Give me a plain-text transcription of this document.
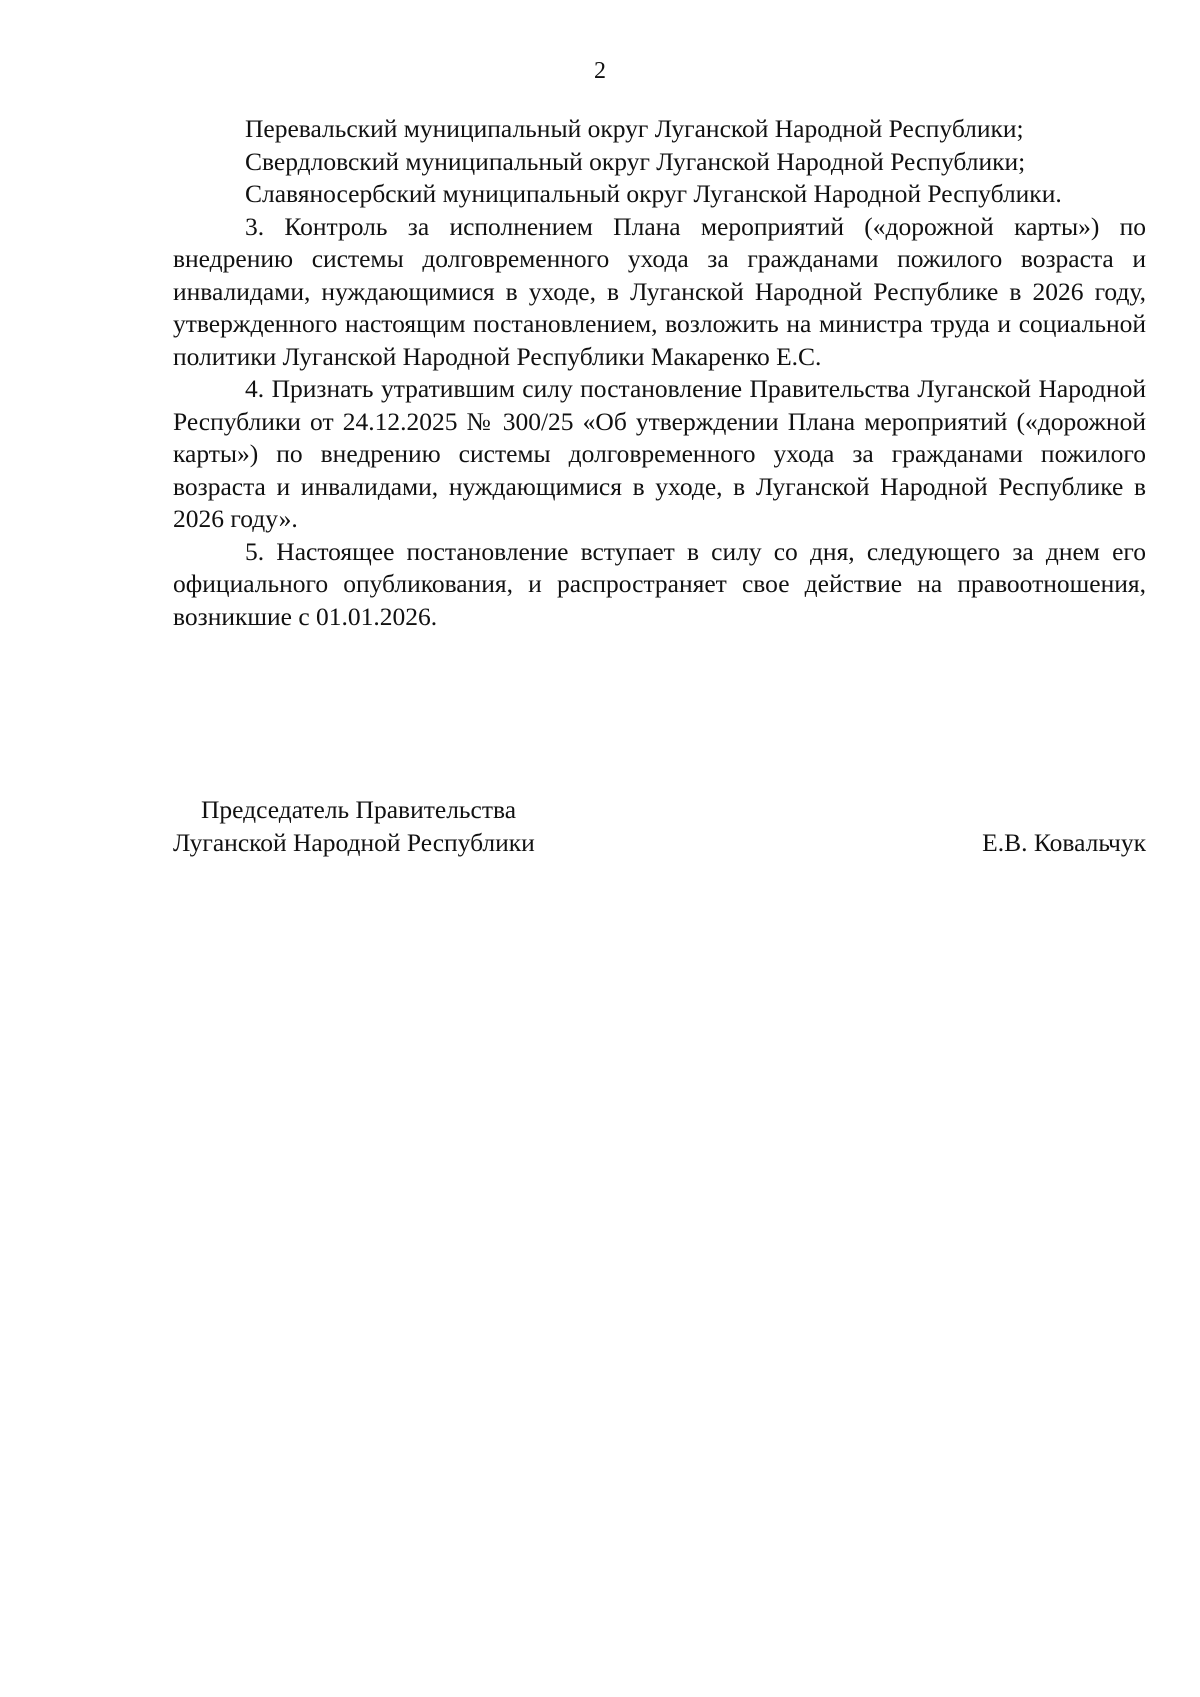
2

Перевальский муниципальный округ Луганской Народной Республики;

Свердловский муниципальный округ Луганской Народной Республики;

Славяносербский муниципальный округ Луганской Народной Республики.

3. Контроль за исполнением Плана мероприятий («дорожной карты») по внедрению системы долговременного ухода за гражданами пожилого возраста и инвалидами, нуждающимися в уходе, в Луганской Народной Республике в 2026 году, утвержденного настоящим постановлением, возложить на министра труда и социальной политики Луганской Народной Республики Макаренко Е.С.

4. Признать утратившим силу постановление Правительства Луганской Народной Республики от 24.12.2025 № 300/25 «Об утверждении Плана мероприятий («дорожной карты») по внедрению системы долговременного ухода за гражданами пожилого возраста и инвалидами, нуждающимися в уходе, в Луганской Народной Республике в 2026 году».

5. Настоящее постановление вступает в силу со дня, следующего за днем его официального опубликования, и распространяет свое действие на правоотношения, возникшие с 01.01.2026.

Председатель Правительства
Луганской Народной Республики	Е.В. Ковальчук
